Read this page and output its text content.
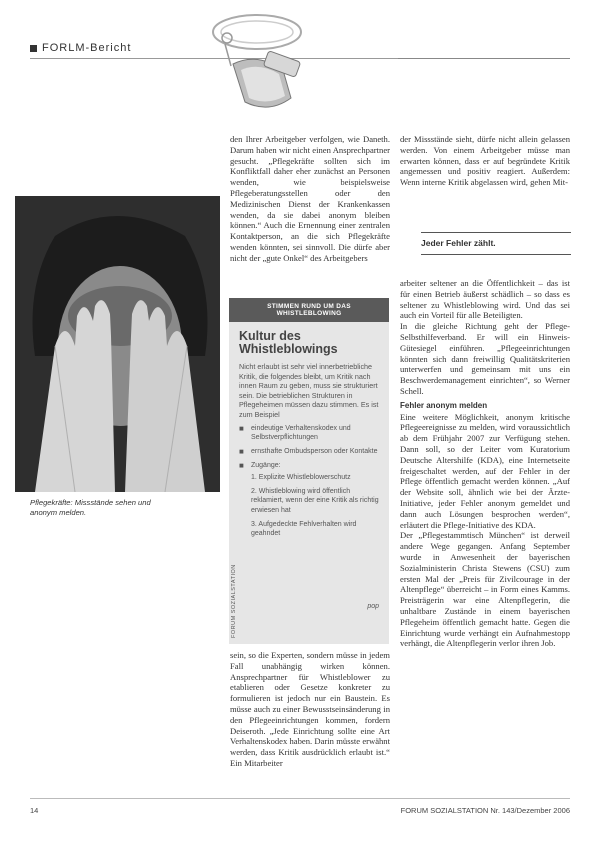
FORLM-Bericht
Pflegekräfte: Missstände sehen und anonym melden.

den Ihrer Arbeitgeber verfolgen, wie Daneth. Darum haben wir nicht einen Ansprechpartner gesucht. „Pflegekräfte sollten sich im Konfliktfall daher eher zunächst an Personen wenden, wie beispielsweise Pflegeberatungsstellen oder den Medizinischen Dienst der Krankenkassen wenden, da sie dabei anonym bleiben können.“ Auch die Ernennung einer zentralen Kontaktperson, an die sich Pflegekräfte wenden könnten, sei sinnvoll. Die dürfe aber nicht der „gute Onkel“ des Arbeitgebers

STIMMEN RUND UM DAS WHISTLEBLOWING
Kultur des
Whistleblowings
Nicht erlaubt ist sehr viel innerbetriebliche Kritik, die folgendes bleibt, um Kritik nach innen Raum zu geben, muss sie strukturiert sein. Die betrieblichen Strukturen in Pflegeheimen müssen dazu stimmen. Es ist zum Beispiel
■ eindeutige Verhaltenskodex und Selbstverpflichtungen
■ ernsthafte Ombudsperson oder Kontakte
■ Zugänge:
1. Explizite Whistleblowerschutz
2. Whistleblowing wird öffentlich reklamiert, wenn der eine Kritik als richtig erwiesen hat
3. Aufgedeckte Fehlverhalten wird geahndet
FORUM SOZIALSTATION	pop

sein, so die Experten, sondern müsse in jedem Fall unabhängig wirken können. Ansprechpartner für Whistleblower zu etablieren oder Gesetze konkreter zu formulieren ist jedoch nur ein Baustein. Es müsse auch zu einer Bewusstseinsänderung in den Pflegeeinrichtungen kommen, fordern Deiseroth. „Jede Einrichtung sollte eine Art Verhaltenskodex haben. Darin müsste erwähnt werden, dass Kritik ausdrücklich erlaubt ist.“ Ein Mitarbeiter

der Missstände sieht, dürfe nicht allein gelassen werden. Von einem Arbeitgeber müsse man erwarten können, dass er auf begründete Kritik angemessen und positiv reagiert. Außerdem: Wenn interne Kritik abgelassen wird, gehen Mit-

Jeder Fehler zählt.

arbeiter seltener an die Öffentlichkeit – das ist für einen Betrieb äußerst schädlich – so dass es seltener zu Whistleblowing wird. Und das sei auch ein Vorteil für alle Beteiligten.

In die gleiche Richtung geht der Pflege-Selbsthilfeverband. Er will ein Hinweis-Gütesiegel einführen. „Pflegeeinrichtungen könnten sich dann freiwillig Qualitätskriterien unterwerfen und gemeinsam mit uns ein Beschwerdemanagement einrichten“, so Werner Schell.

Fehler anonym melden

Eine weitere Möglichkeit, anonym kritische Pflegeereignisse zu melden, wird voraussichtlich ab dem Frühjahr 2007 zur Verfügung stehen. Dann soll, so der Leiter vom Kuratorium Deutsche Altershilfe (KDA), eine Internetseite freigeschaltet werden, auf der Fehler in der Pflege öffentlich gemacht werden können. „Auf der Website soll, ähnlich wie bei der Ärzte-Initiative, jeder Fehler anonym gemeldet und dann auch Lösungen besprochen werden“, erläutert die Pflege-Initiative des KDA.

Der „Pflegestammtisch München“ ist derweil andere Wege gegangen. Anfang September wurde in Anwesenheit der bayerischen Sozialministerin Christa Stewens (CSU) zum ersten Mal der „Preis für Zivilcourage in der Altenpflege“ überreicht – in Form eines Kamms. Preisträgerin war eine Altenpflegerin, die unhaltbare Zustände in einem bayerischen Pflegeheim öffentlich gemacht hatte. Gegen die Einrichtung wurde verhängt ein Aufnahmestopp verhängt, die Altenpflegerin verlor ihren Job.

14	FORUM SOZIALSTATION Nr. 143/Dezember 2006
